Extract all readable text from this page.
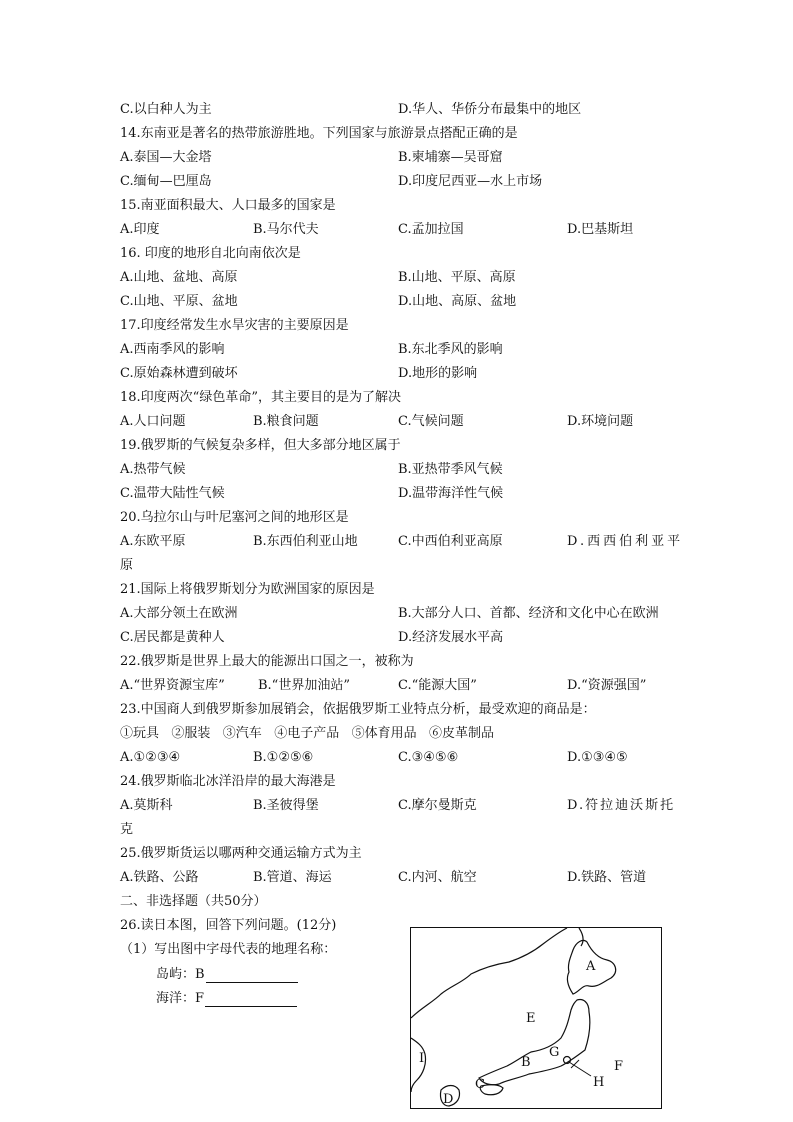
C.以白种人为主	D.华人、华侨分布最集中的地区
14.东南亚是著名的热带旅游胜地。下列国家与旅游景点搭配正确的是
A.泰国—大金塔	B.柬埔寨—吴哥窟
C.缅甸—巴厘岛	D.印度尼西亚—水上市场
15.南亚面积最大、人口最多的国家是
A.印度	B.马尔代夫	C.孟加拉国	D.巴基斯坦
16. 印度的地形自北向南依次是
A.山地、盆地、高原	B.山地、平原、高原
C.山地、平原、盆地	D.山地、高原、盆地
17.印度经常发生水旱灾害的主要原因是
A.西南季风的影响	B.东北季风的影响
C.原始森林遭到破坏	D.地形的影响
18.印度两次“绿色革命”，其主要目的是为了解决
A.人口问题	B.粮食问题	C.气候问题	D.环境问题
19.俄罗斯的气候复杂多样，但大多部分地区属于
A.热带气候	B.亚热带季风气候
C.温带大陆性气候	D.温带海洋性气候
20.乌拉尔山与叶尼塞河之间的地形区是
A.东欧平原	B.东西伯利亚山地	C.中西伯利亚高原	D.西西伯利亚平
原
21.国际上将俄罗斯划分为欧洲国家的原因是
A.大部分领土在欧洲	B.大部分人口、首都、经济和文化中心在欧洲
C.居民都是黄种人	D.经济发展水平高
22.俄罗斯是世界上最大的能源出口国之一，被称为
A.“世界资源宝库”	B.“世界加油站”	C.“能源大国”	D.“资源强国”
23.中国商人到俄罗斯参加展销会，依据俄罗斯工业特点分析，最受欢迎的商品是：
①玩具   ②服装   ③汽车   ④电子产品   ⑤体育用品   ⑥皮革制品
A.①②③④	B.①②⑤⑥	C.③④⑤⑥	D.①③④⑤
24.俄罗斯临北冰洋沿岸的最大海港是
A.莫斯科	B.圣彼得堡	C.摩尔曼斯克	D.符拉迪沃斯托
克
25.俄罗斯货运以哪两种交通运输方式为主
A.铁路、公路	B.管道、海运	C.内河、航空	D.铁路、管道
二、非选择题（共50分）
26.读日本图，回答下列问题。(12分)
（1）写出图中字母代表的地理名称：
岛屿：B
海洋：F
A
E
B
G
F
H
I
C
D
